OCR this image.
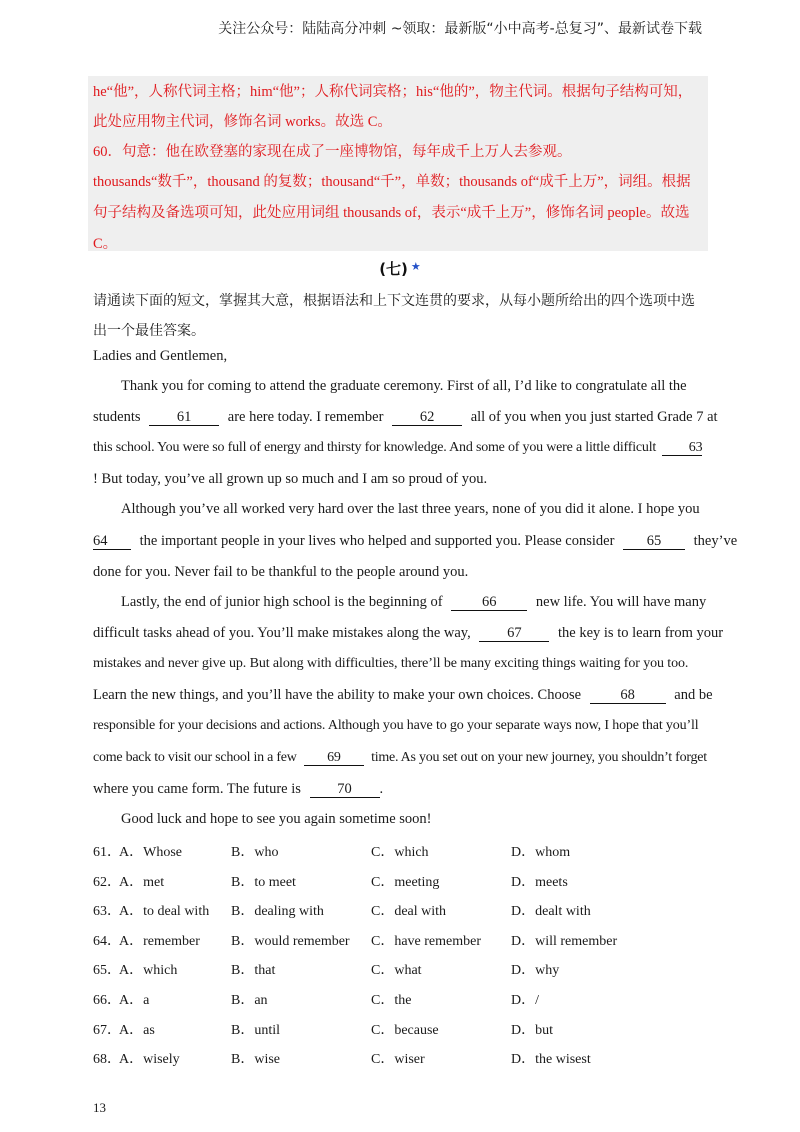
关注公众号：陆陆高分冲刺 ~领取：最新版“小中高考-总复习”、最新试卷下载
he“他”，人称代词主格；him“他”；人称代词宾格；his“他的”，物主代词。根据句子结构可知，
此处应用物主代词，修饰名词 works。故选 C。
60．句意：他在欧登塞的家现在成了一座博物馆，每年成千上万人去参观。
thousands“数千”，thousand 的复数；thousand“千”，单数；thousands of“成千上万”，词组。根据
句子结构及备选项可知，此处应用词组 thousands of，表示“成千上万”，修饰名词 people。故选
C。
(七) ★
请通读下面的短文，掌握其大意，根据语法和上下文连贯的要求，从每小题所给出的四个选项中选
出一个最佳答案。
Ladies and Gentlemen,
Thank you for coming to attend the graduate ceremony. First of all, I’d like to congratulate all the
students	61	are here today. I remember	62	all of you when you just started Grade 7 at
this school. You were so full of energy and thirsty for knowledge. And some of you were a little difficult 63
! But today, you’ve all grown up so much and I am so proud of you.
Although you’ve all worked very hard over the last three years, none of you did it alone. I hope you
64 the important people in your lives who helped and supported you. Please consider 65 they’ve
done for you. Never fail to be thankful to the people around you.
Lastly, the end of junior high school is the beginning of	66	new life. You will have many
difficult tasks ahead of you. You’ll make mistakes along the way,	67	the key is to learn from your
mistakes and never give up. But along with difficulties, there’ll be many exciting things waiting for you too.
Learn the new things, and you’ll have the ability to make your own choices. Choose	68	and be
responsible for your decisions and actions. Although you have to go your separate ways now, I hope that you’ll
come back to visit our school in a few 69 time. As you set out on your new journey, you shouldn’t forget
where you came form. The future is	70 .
Good luck and hope to see you again sometime soon!
61．
A．Whose	B．who	C．which	D．whom
62．
A．met	B．to meet	C．meeting	D．meets
63．
A．to deal with B．dealing with	C．deal with	D．dealt with
64．
A．remember B．would remember C．have remember D．will remember
65．
A．which	B．that	C．what	D．why
66．
A．a	B．an	C．the	D．/
67．
A．as	B．until	C．because	D．but
68．
A．wisely	B．wise	C．wiser	D．the wisest
13
